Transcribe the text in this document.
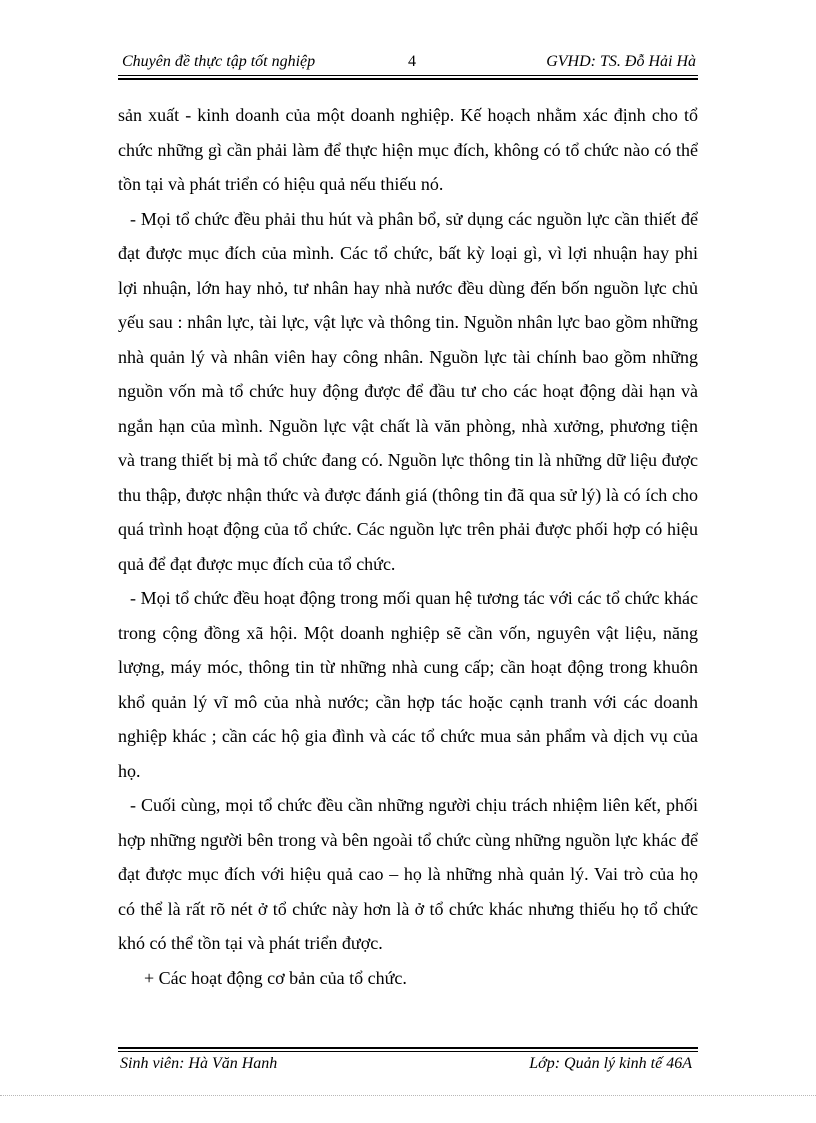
Chuyên đề thực tập tốt nghiệp	4	GVHD: TS. Đỗ Hải Hà

sản xuất - kinh doanh của một doanh nghiệp. Kế hoạch nhằm xác định cho tổ chức những gì cần phải làm để thực hiện mục đích, không có tổ chức nào có thể tồn tại và phát triển có hiệu quả nếu thiếu nó.

- Mọi tổ chức đều phải thu hút và phân bổ, sử dụng các nguồn lực cần thiết để đạt được mục đích của mình. Các tổ chức, bất kỳ loại gì, vì lợi nhuận hay phi lợi nhuận, lớn hay nhỏ, tư nhân hay nhà nước đều dùng đến bốn nguồn lực chủ yếu sau : nhân lực, tài lực, vật lực và thông tin. Nguồn nhân lực bao gồm những nhà quản lý và nhân viên hay công nhân. Nguồn lực tài chính bao gồm những nguồn vốn mà tổ chức huy động được để đầu tư cho các hoạt động dài hạn và ngắn hạn của mình. Nguồn lực vật chất là văn phòng, nhà xưởng, phương tiện và trang thiết bị mà tổ chức đang có. Nguồn lực thông tin là những dữ liệu được thu thập, được nhận thức và được đánh giá (thông tin đã qua sử lý) là có ích cho quá trình hoạt động của tổ chức. Các nguồn lực trên phải được phối hợp có hiệu quả để đạt được mục đích của tổ chức.

- Mọi tổ chức đều hoạt động trong mối quan hệ tương tác với các tổ chức khác trong cộng đồng xã hội. Một doanh nghiệp sẽ cần vốn, nguyên vật liệu, năng lượng, máy móc, thông tin từ những nhà cung cấp; cần hoạt động trong khuôn khổ quản lý vĩ mô của nhà nước; cần hợp tác hoặc cạnh tranh với các doanh nghiệp khác ; cần các hộ gia đình và các tổ chức mua sản phẩm và dịch vụ của họ.

- Cuối cùng, mọi tổ chức đều cần những người chịu trách nhiệm liên kết, phối hợp những người bên trong và bên ngoài tổ chức cùng những nguồn lực khác để đạt được mục đích với hiệu quả cao – họ là những nhà quản lý. Vai trò của họ có thể là rất rõ nét ở tổ chức này hơn là ở tổ chức khác nhưng thiếu họ tổ chức khó có thể tồn tại và phát triển được.

+ Các hoạt động cơ bản của tổ chức.

Sinh viên: Hà Văn Hanh	Lớp: Quản lý kinh tế 46A
